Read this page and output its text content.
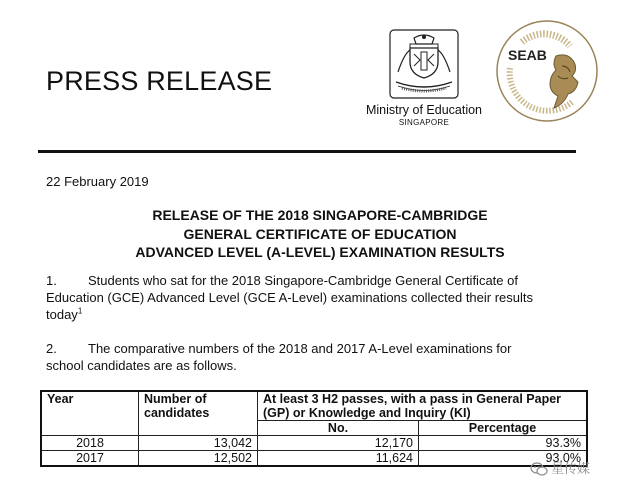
PRESS RELEASE
Ministry of Education
SINGAPORE
SEAB
22 February 2019
RELEASE OF THE 2018 SINGAPORE-CAMBRIDGE
GENERAL CERTIFICATE OF EDUCATION
ADVANCED LEVEL (A-LEVEL) EXAMINATION RESULTS
1. Students who sat for the 2018 Singapore-Cambridge General Certificate of
Education (GCE) Advanced Level (GCE A-Level) examinations collected their results
today$^1$
2. The comparative numbers of the 2018 and 2017 A-Level examinations for
school candidates are as follows.
Year	Number of candidates	At least 3 H2 passes, with a pass in General Paper (GP) or Knowledge and Inquiry (KI)	
		No.	Percentage
2018	13,042	12,170	93.3%
2017	12,502	11,624	93.0%
星传媒
